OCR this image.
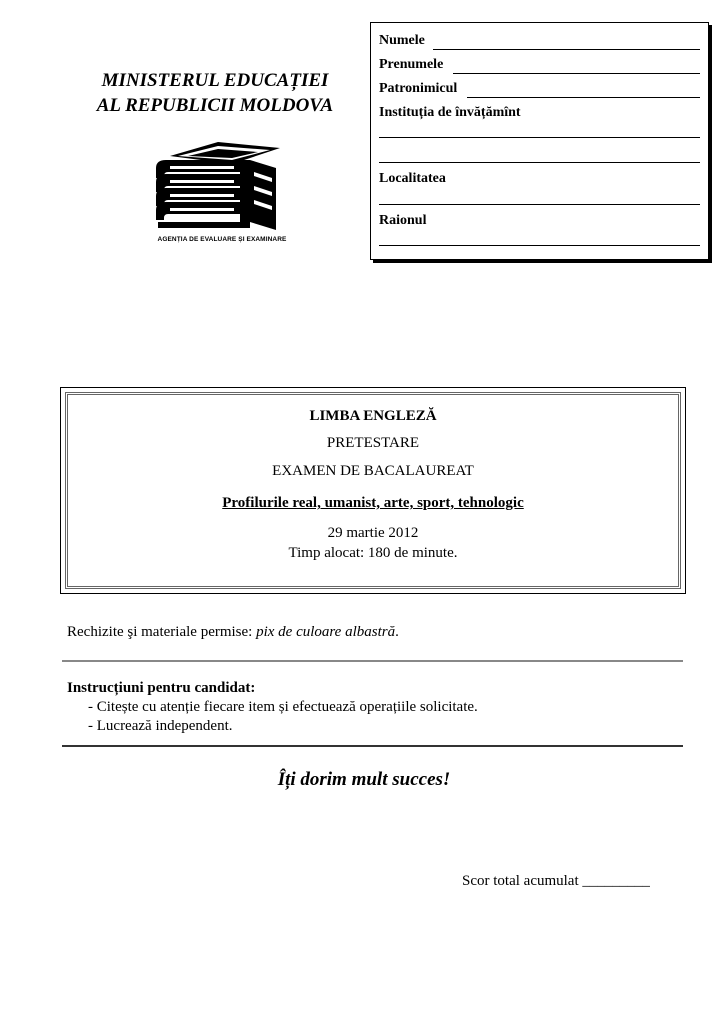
MINISTERUL EDUCAȚIEI
AL REPUBLICII MOLDOVA
AGENȚIA DE EVALUARE ȘI EXAMINARE
Numele
Prenumele
Patronimicul
Instituția de învățămînt
Localitatea
Raionul
LIMBA ENGLEZĂ
PRETESTARE
EXAMEN DE BACALAUREAT
Profilurile real, umanist, arte, sport, tehnologic
29 martie 2012
Timp alocat: 180 de minute.
Rechizite şi materiale permise: pix de culoare albastră.
Instrucțiuni pentru candidat:
- Citește cu atenție fiecare item și efectuează operațiile solicitate.
- Lucrează independent.
Îți dorim mult succes!
Scor total acumulat _________
